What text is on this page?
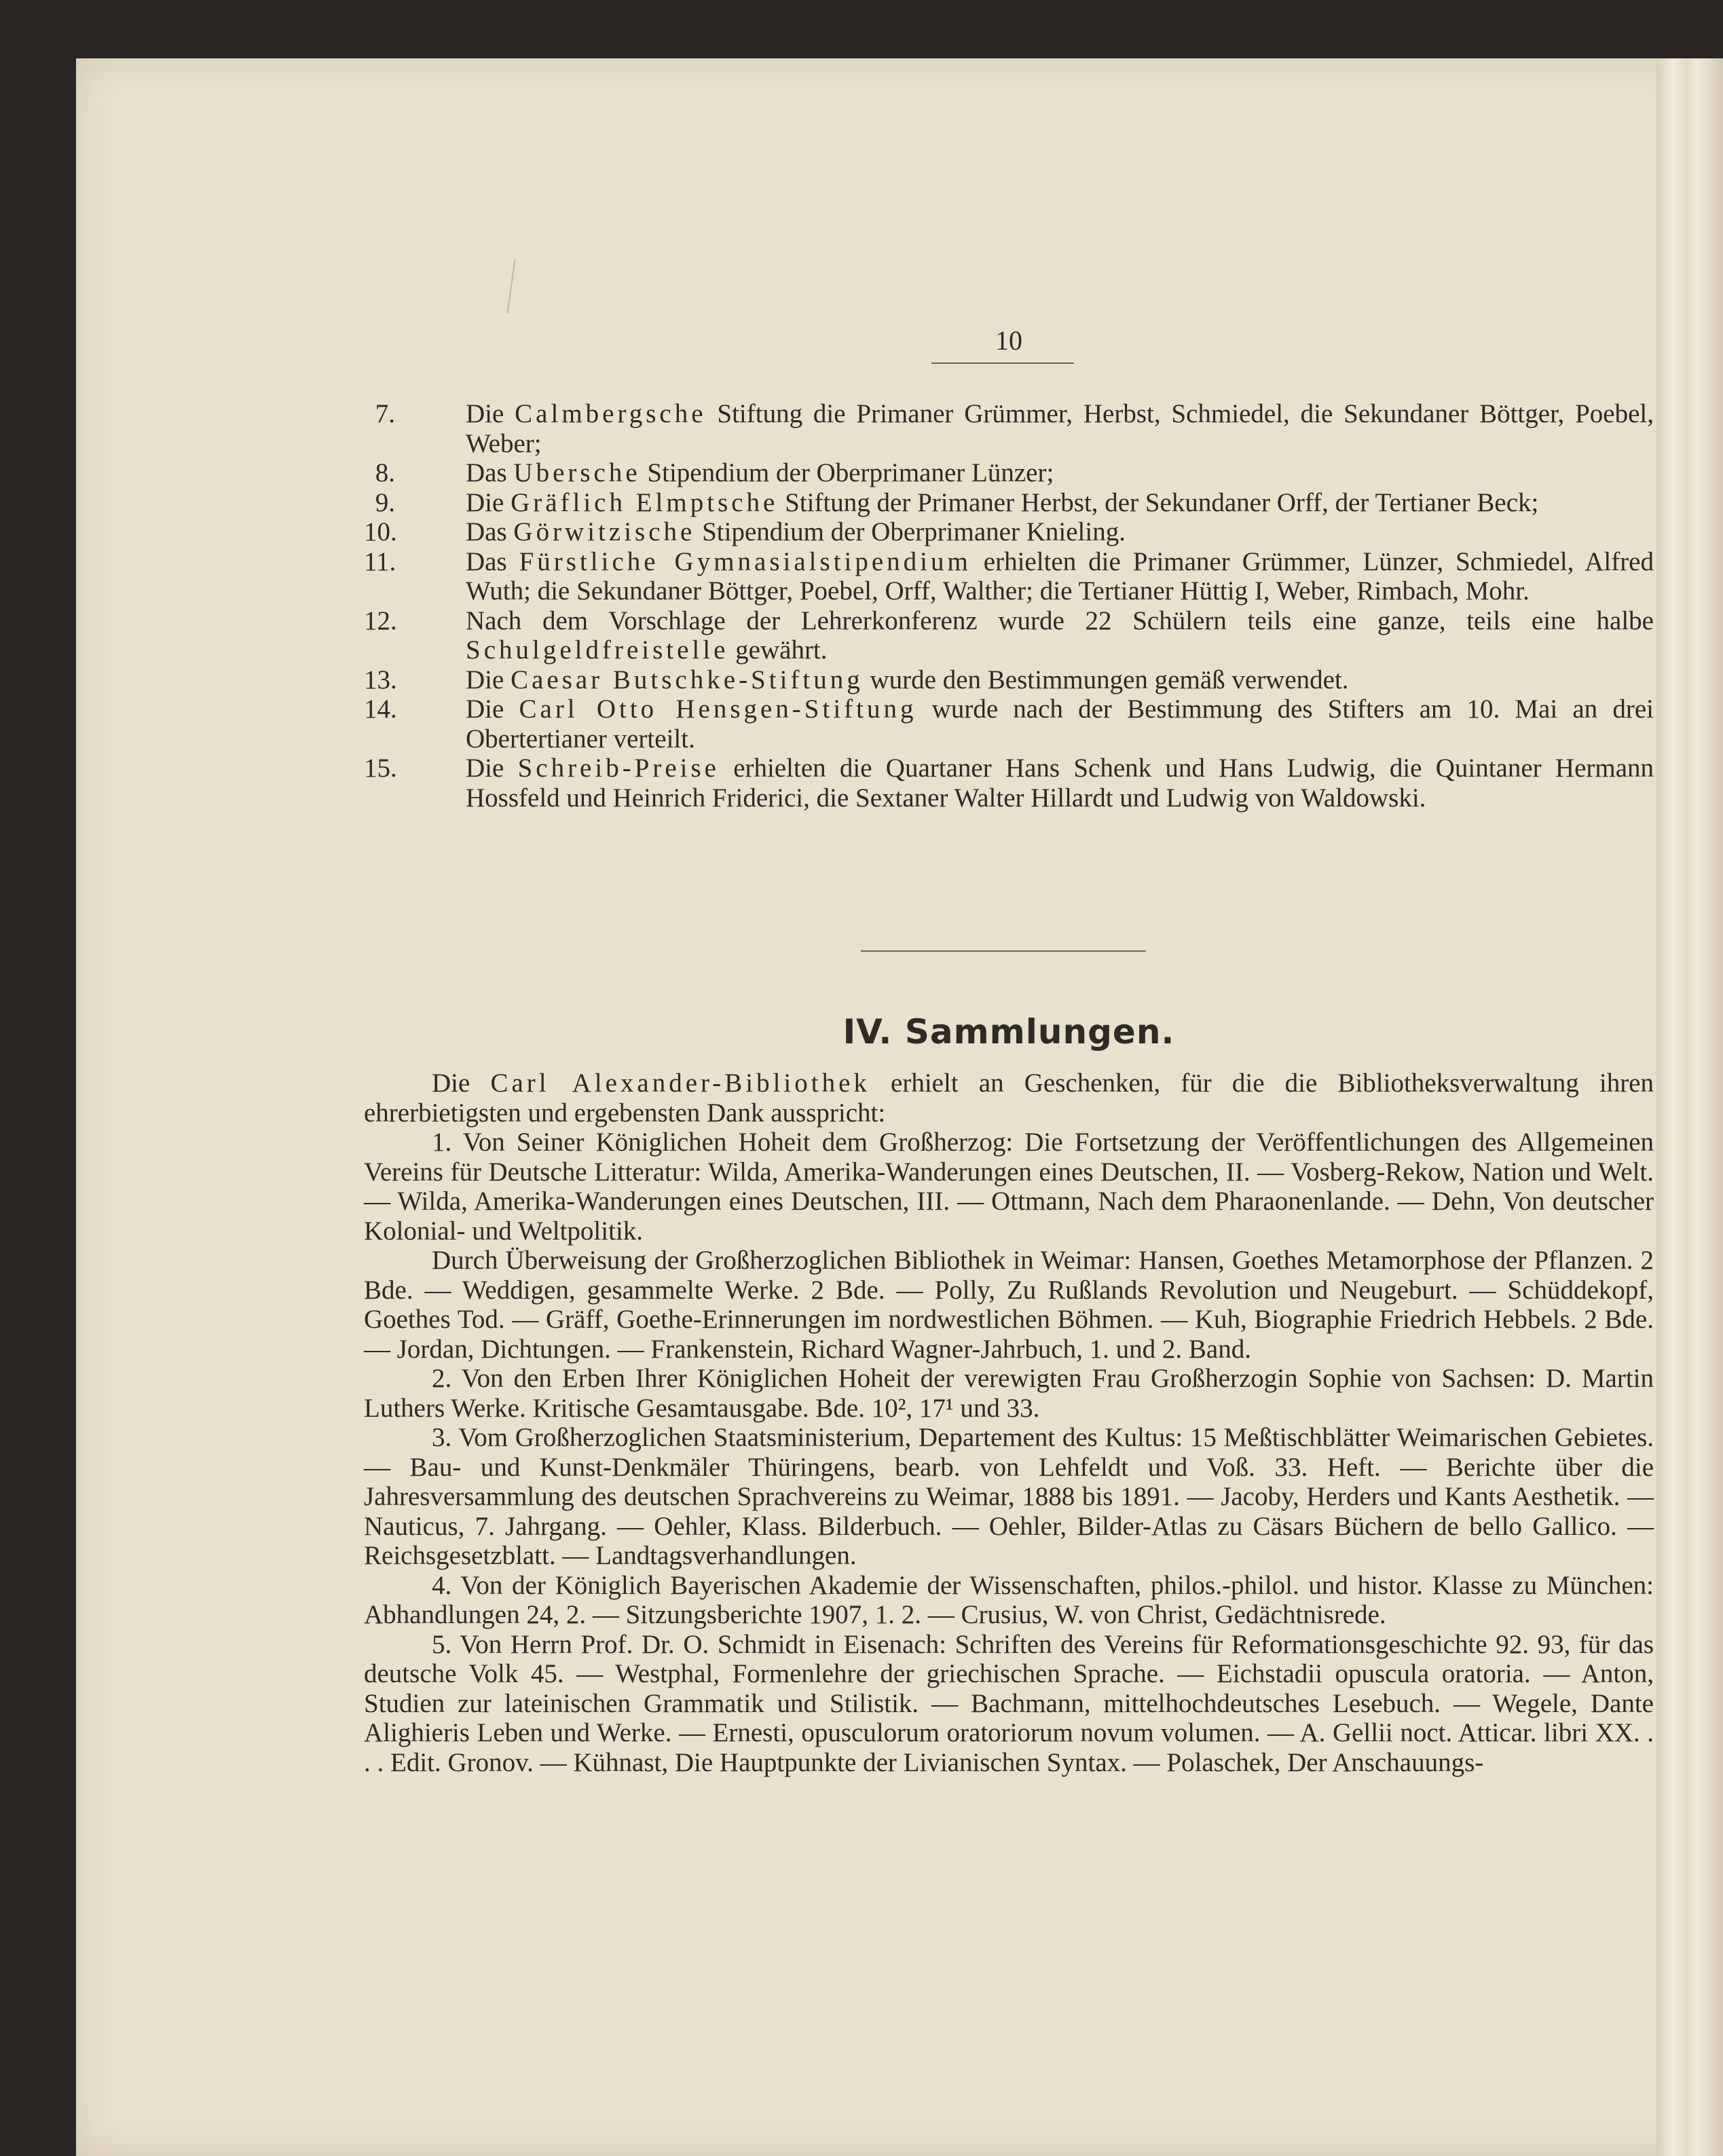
10
7.	Die Calmbergsche Stiftung die Primaner Grümmer, Herbst, Schmiedel, die Sekundaner Böttger, Poebel, Weber;
8.	Das Ubersche Stipendium der Oberprimaner Lünzer;
9.	Die Gräflich Elmptsche Stiftung der Primaner Herbst, der Sekundaner Orff, der Tertianer Beck;
10.	Das Görwitzische Stipendium der Oberprimaner Knieling.
11.	Das Fürstliche Gymnasialstipendium erhielten die Primaner Grümmer, Lünzer, Schmiedel, Alfred Wuth; die Sekundaner Böttger, Poebel, Orff, Walther; die Tertianer Hüttig I, Weber, Rimbach, Mohr.
12.	Nach dem Vorschlage der Lehrerkonferenz wurde 22 Schülern teils eine ganze, teils eine halbe Schulgeldfreistelle gewährt.
13.	Die Caesar Butschke-Stiftung wurde den Bestimmungen gemäß verwendet.
14.	Die Carl Otto Hensgen-Stiftung wurde nach der Bestimmung des Stifters am 10. Mai an drei Obertertianer verteilt.
15.	Die Schreib-Preise erhielten die Quartaner Hans Schenk und Hans Ludwig, die Quintaner Hermann Hossfeld und Heinrich Friderici, die Sextaner Walter Hillardt und Ludwig von Waldowski.
IV. Sammlungen.

Die Carl Alexander-Bibliothek erhielt an Geschenken, für die die Bibliotheksverwaltung ihren ehrerbietigsten und ergebensten Dank ausspricht:

1. Von Seiner Königlichen Hoheit dem Großherzog: Die Fortsetzung der Veröffentlichungen des Allgemeinen Vereins für Deutsche Litteratur: Wilda, Amerika-Wanderungen eines Deutschen, II. — Vosberg-Rekow, Nation und Welt. — Wilda, Amerika-Wanderungen eines Deutschen, III. — Ottmann, Nach dem Pharaonenlande. — Dehn, Von deutscher Kolonial- und Weltpolitik.

Durch Überweisung der Großherzoglichen Bibliothek in Weimar: Hansen, Goethes Metamorphose der Pflanzen. 2 Bde. — Weddigen, gesammelte Werke. 2 Bde. — Polly, Zu Rußlands Revolution und Neugeburt. — Schüddekopf, Goethes Tod. — Gräff, Goethe-Erinnerungen im nordwestlichen Böhmen. — Kuh, Biographie Friedrich Hebbels. 2 Bde. — Jordan, Dichtungen. — Frankenstein, Richard Wagner-Jahrbuch, 1. und 2. Band.

2. Von den Erben Ihrer Königlichen Hoheit der verewigten Frau Großherzogin Sophie von Sachsen: D. Martin Luthers Werke. Kritische Gesamtausgabe. Bde. 10², 17¹ und 33.

3. Vom Großherzoglichen Staatsministerium, Departement des Kultus: 15 Meßtischblätter Weimarischen Gebietes. — Bau- und Kunst-Denkmäler Thüringens, bearb. von Lehfeldt und Voß. 33. Heft. — Berichte über die Jahresversammlung des deutschen Sprachvereins zu Weimar, 1888 bis 1891. — Jacoby, Herders und Kants Aesthetik. — Nauticus, 7. Jahrgang. — Oehler, Klass. Bilderbuch. — Oehler, Bilder-Atlas zu Cäsars Büchern de bello Gallico. — Reichsgesetzblatt. — Landtagsverhandlungen.

4. Von der Königlich Bayerischen Akademie der Wissenschaften, philos.-philol. und histor. Klasse zu München: Abhandlungen 24, 2. — Sitzungsberichte 1907, 1. 2. — Crusius, W. von Christ, Gedächtnisrede.

5. Von Herrn Prof. Dr. O. Schmidt in Eisenach: Schriften des Vereins für Reformationsgeschichte 92. 93, für das deutsche Volk 45. — Westphal, Formenlehre der griechischen Sprache. — Eichstadii opuscula oratoria. — Anton, Studien zur lateinischen Grammatik und Stilistik. — Bachmann, mittelhochdeutsches Lesebuch. — Wegele, Dante Alighieris Leben und Werke. — Ernesti, opusculorum oratoriorum novum volumen. — A. Gellii noct. Atticar. libri XX. . . . Edit. Gronov. — Kühnast, Die Hauptpunkte der Livianischen Syntax. — Polaschek, Der Anschauungs-
